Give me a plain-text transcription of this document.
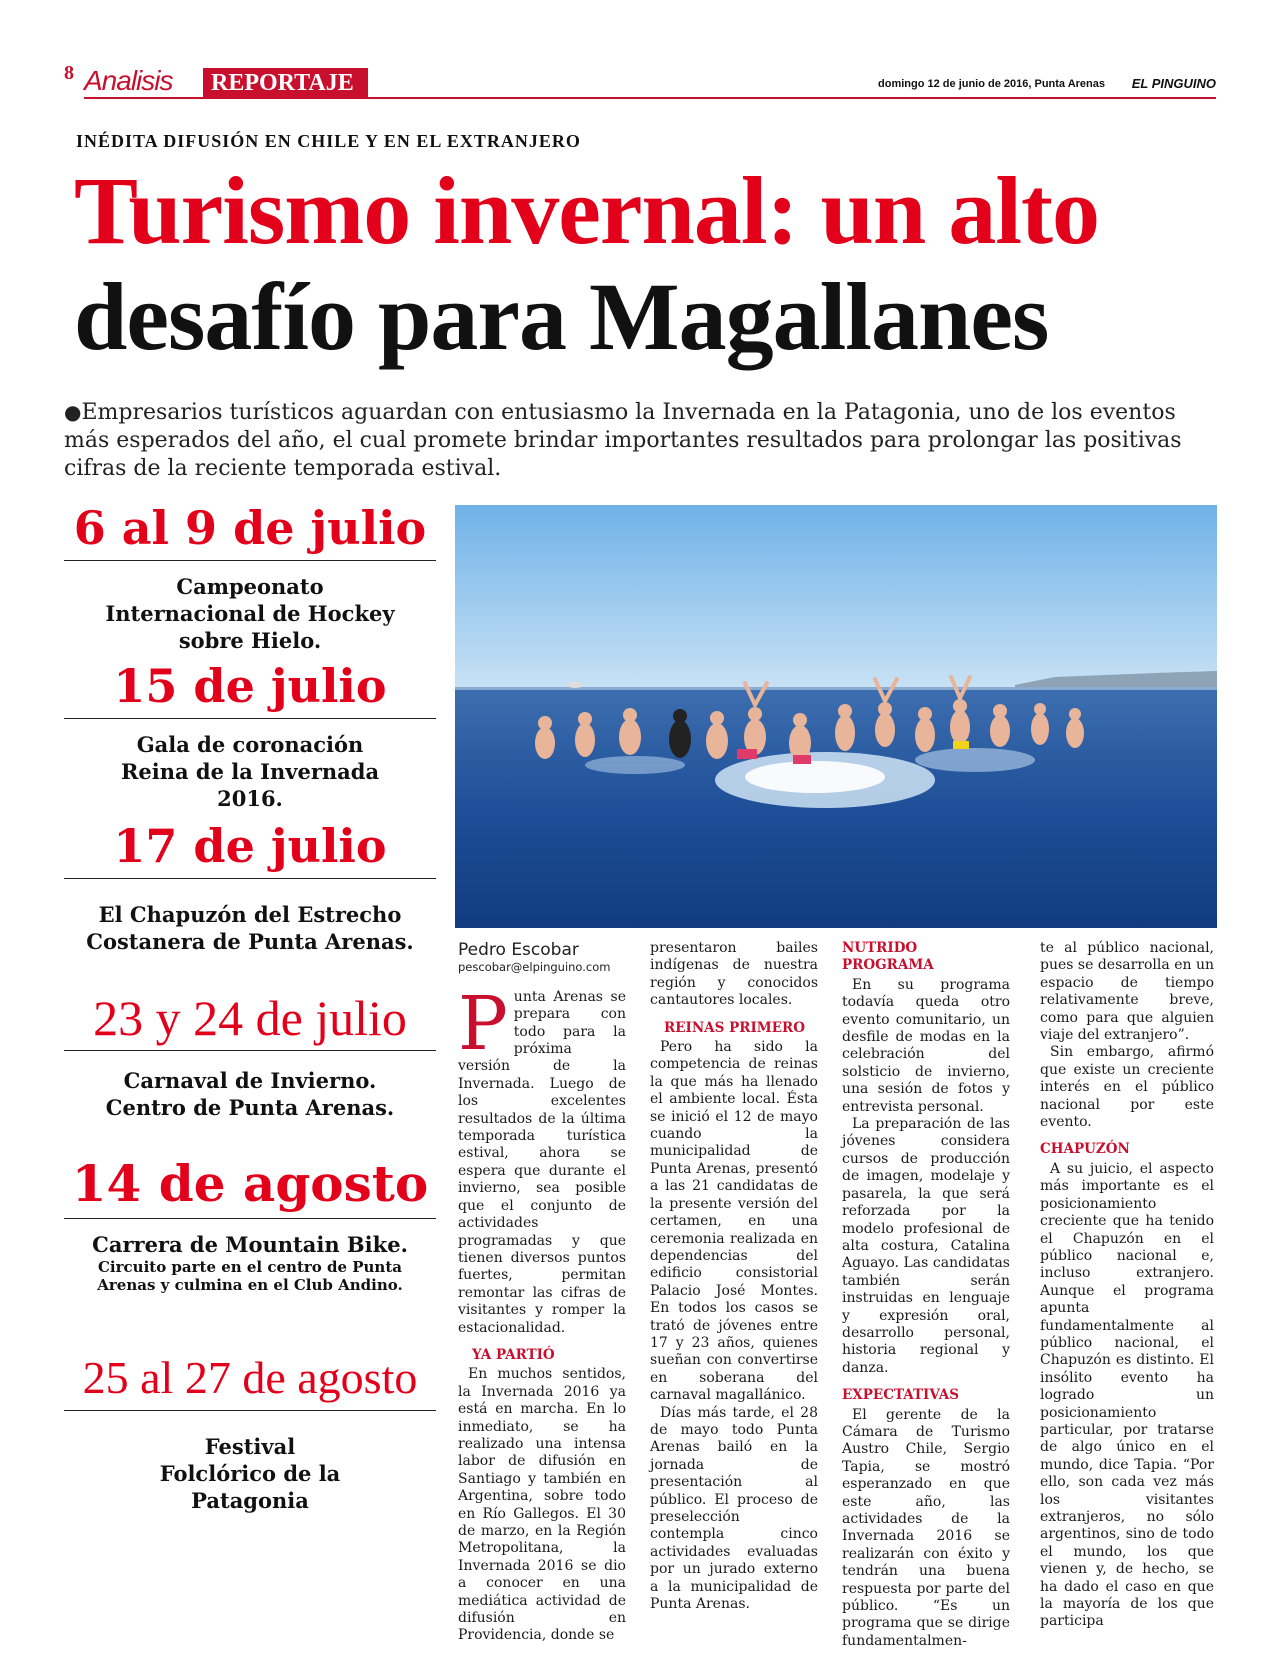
8 Analisis	REPORTAJE	domingo 12 de junio de 2016, Punta Arenas EL PINGUINO
INÉDITA DIFUSIÓN EN CHILE Y EN EL EXTRANJERO
Turismo invernal: un alto
desafío para Magallanes
●Empresarios turísticos aguardan con entusiasmo la Invernada en la Patagonia, uno de los eventos más esperados del año, el cual promete brindar importantes resultados para prolongar las positivas cifras de la reciente temporada estival.
6 al 9 de julio
Campeonato Internacional de Hockey sobre Hielo.
15 de julio
Gala de coronación Reina de la Invernada 2016.
17 de julio
El Chapuzón del Estrecho Costanera de Punta Arenas.
23 y 24 de julio
Carnaval de Invierno. Centro de Punta Arenas.
14 de agosto
Carrera de Mountain Bike.
Circuito parte en el centro de Punta Arenas y culmina en el Club Andino.
25 al 27 de agosto
Festival Folclórico de la Patagonia
Pedro Escobar
pescobar@elpinguino.com

Punta Arenas se prepara con todo para la próxima versión de la Invernada. Luego de los excelentes resultados de la última temporada turística estival, ahora se espera que durante el invierno, sea posible que el conjunto de actividades programadas y que tienen diversos puntos fuertes, permitan remontar las cifras de visitantes y romper la estacionalidad.

YA PARTIÓ

En muchos sentidos, la Invernada 2016 ya está en marcha. En lo inmediato, se ha realizado una intensa labor de difusión en Santiago y también en Argentina, sobre todo en Río Gallegos. El 30 de marzo, en la Región Metropolitana, la Invernada 2016 se dio a conocer en una mediática actividad de difusión en Providencia, donde se

presentaron bailes indígenas de nuestra región y conocidos cantautores locales.

REINAS PRIMERO

Pero ha sido la competencia de reinas la que más ha llenado el ambiente local. Ésta se inició el 12 de mayo cuando la municipalidad de Punta Arenas, presentó a las 21 candidatas de la presente versión del certamen, en una ceremonia realizada en dependencias del edificio consistorial Palacio José Montes. En todos los casos se trató de jóvenes entre 17 y 23 años, quienes sueñan con convertirse en soberana del carnaval magallánico.

Días más tarde, el 28 de mayo todo Punta Arenas bailó en la jornada de presentación al público. El proceso de preselección contempla cinco actividades evaluadas por un jurado externo a la municipalidad de Punta Arenas.

NUTRIDO PROGRAMA

En su programa todavía queda otro evento comunitario, un desfile de modas en la celebración del solsticio de invierno, una sesión de fotos y entrevista personal.

La preparación de las jóvenes considera cursos de producción de imagen, modelaje y pasarela, la que será reforzada por la modelo profesional de alta costura, Catalina Aguayo. Las candidatas también serán instruidas en lenguaje y expresión oral, desarrollo personal, historia regional y danza.

EXPECTATIVAS

El gerente de la Cámara de Turismo Austro Chile, Sergio Tapia, se mostró esperanzado en que este año, las actividades de la Invernada 2016 se realizarán con éxito y tendrán una buena respuesta por parte del público. “Es un programa que se dirige fundamentalmen-

te al público nacional, pues se desarrolla en un espacio de tiempo relativamente breve, como para que alguien viaje del extranjero”.

Sin embargo, afirmó que existe un creciente interés en el público nacional por este evento.

CHAPUZÓN

A su juicio, el aspecto más importante es el posicionamiento creciente que ha tenido el Chapuzón en el público nacional e, incluso extranjero. Aunque el programa apunta fundamentalmente al público nacional, el Chapuzón es distinto. El insólito evento ha logrado un posicionamiento particular, por tratarse de algo único en el mundo, dice Tapia. “Por ello, son cada vez más los visitantes extranjeros, no sólo argentinos, sino de todo el mundo, los que vienen y, de hecho, se ha dado el caso en que la mayoría de los que participa
